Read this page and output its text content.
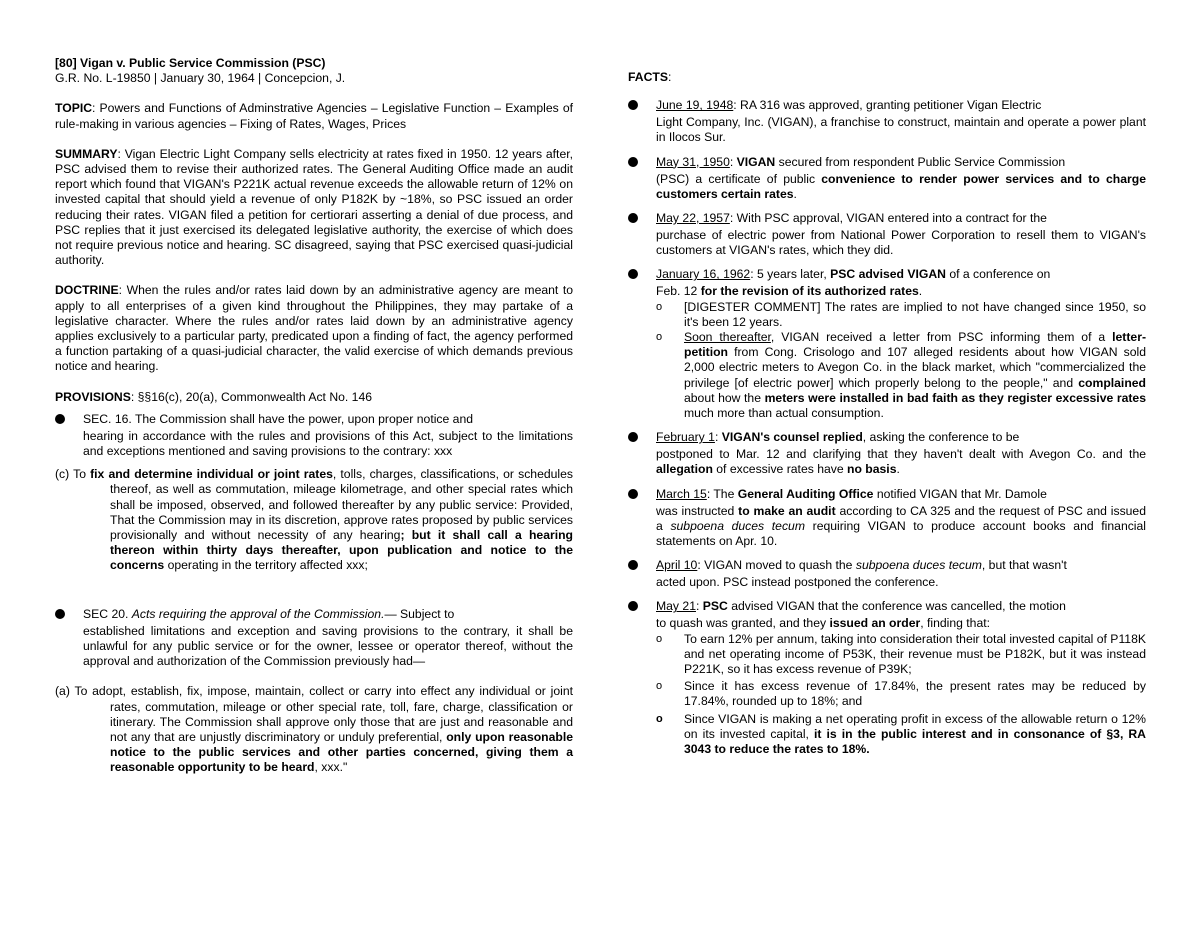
[80] Vigan v. Public Service Commission (PSC)

G.R. No. L-19850 | January 30, 1964 | Concepcion, J.

TOPIC: Powers and Functions of Adminstrative Agencies – Legislative Function – Examples of rule-making in various agencies – Fixing of Rates, Wages, Prices

SUMMARY: Vigan Electric Light Company sells electricity at rates fixed in 1950. 12 years after, PSC advised them to revise their authorized rates. The General Auditing Office made an audit report which found that VIGAN's P221K actual revenue exceeds the allowable return of 12% on invested capital that should yield a revenue of only P182K by ~18%, so PSC issued an order reducing their rates. VIGAN filed a petition for certiorari asserting a denial of due process, and PSC replies that it just exercised its delegated legislative authority, the exercise of which does not require previous notice and hearing. SC disagreed, saying that PSC exercised quasi-judicial authority.

DOCTRINE: When the rules and/or rates laid down by an administrative agency are meant to apply to all enterprises of a given kind throughout the Philippines, they may partake of a legislative character. Where the rules and/or rates laid down by an administrative agency applies exclusively to a particular party, predicated upon a finding of fact, the agency performed a function partaking of a quasi-judicial character, the valid exercise of which demands previous notice and hearing.

PROVISIONS: §§16(c), 20(a), Commonwealth Act No. 146

SEC. 16. The Commission shall have the power, upon proper notice and
hearing in accordance with the rules and provisions of this Act, subject to the limitations and exceptions mentioned and saving provisions to the contrary: xxx

(c) To fix and determine individual or joint rates, tolls, charges, classifications, or schedules thereof, as well as commutation, mileage kilometrage, and other special rates which shall be imposed, observed, and followed thereafter by any public service: Provided, That the Commission may in its discretion, approve rates proposed by public services provisionally and without necessity of any hearing; but it shall call a hearing thereon within thirty days thereafter, upon publication and notice to the concerns operating in the territory affected xxx;

SEC 20. Acts requiring the approval of the Commission.— Subject to
established limitations and exception and saving provisions to the contrary, it shall be unlawful for any public service or for the owner, lessee or operator thereof, without the approval and authorization of the Commission previously had—

(a) To adopt, establish, fix, impose, maintain, collect or carry into effect any individual or joint rates, commutation, mileage or other special rate, toll, fare, charge, classification or itinerary. The Commission shall approve only those that are just and reasonable and not any that are unjustly discriminatory or unduly preferential, only upon reasonable notice to the public services and other parties concerned, giving them a reasonable opportunity to be heard, xxx."

FACTS:

June 19, 1948: RA 316 was approved, granting petitioner Vigan Electric
Light Company, Inc. (VIGAN), a franchise to construct, maintain and operate a power plant in Ilocos Sur.
May 31, 1950: VIGAN secured from respondent Public Service Commission
(PSC) a certificate of public convenience to render power services and to charge customers certain rates.
May 22, 1957: With PSC approval, VIGAN entered into a contract for the
purchase of electric power from National Power Corporation to resell them to VIGAN's customers at VIGAN's rates, which they did.
January 16, 1962: 5 years later, PSC advised VIGAN of a conference on
Feb. 12 for the revision of its authorized rates.
o [DIGESTER COMMENT] The rates are implied to not have changed since 1950, so it's been 12 years.
o Soon thereafter, VIGAN received a letter from PSC informing them of a letter-petition from Cong. Crisologo and 107 alleged residents about how VIGAN sold 2,000 electric meters to Avegon Co. in the black market, which "commercialized the privilege [of electric power] which properly belong to the people," and complained about how the meters were installed in bad faith as they register excessive rates much more than actual consumption.
February 1: VIGAN's counsel replied, asking the conference to be
postponed to Mar. 12 and clarifying that they haven't dealt with Avegon Co. and the allegation of excessive rates have no basis.
March 15: The General Auditing Office notified VIGAN that Mr. Damole
was instructed to make an audit according to CA 325 and the request of PSC and issued a subpoena duces tecum requiring VIGAN to produce account books and financial statements on Apr. 10.
April 10: VIGAN moved to quash the subpoena duces tecum, but that wasn't
acted upon. PSC instead postponed the conference.
May 21: PSC advised VIGAN that the conference was cancelled, the motion
to quash was granted, and they issued an order, finding that:
o To earn 12% per annum, taking into consideration their total invested capital of P118K and net operating income of P53K, their revenue must be P182K, but it was instead P221K, so it has excess revenue of P39K;
o Since it has excess revenue of 17.84%, the present rates may be reduced by 17.84%, rounded up to 18%; and
o Since VIGAN is making a net operating profit in excess of the allowable return o 12% on its invested capital, it is in the public interest and in consonance of §3, RA 3043 to reduce the rates to 18%.
